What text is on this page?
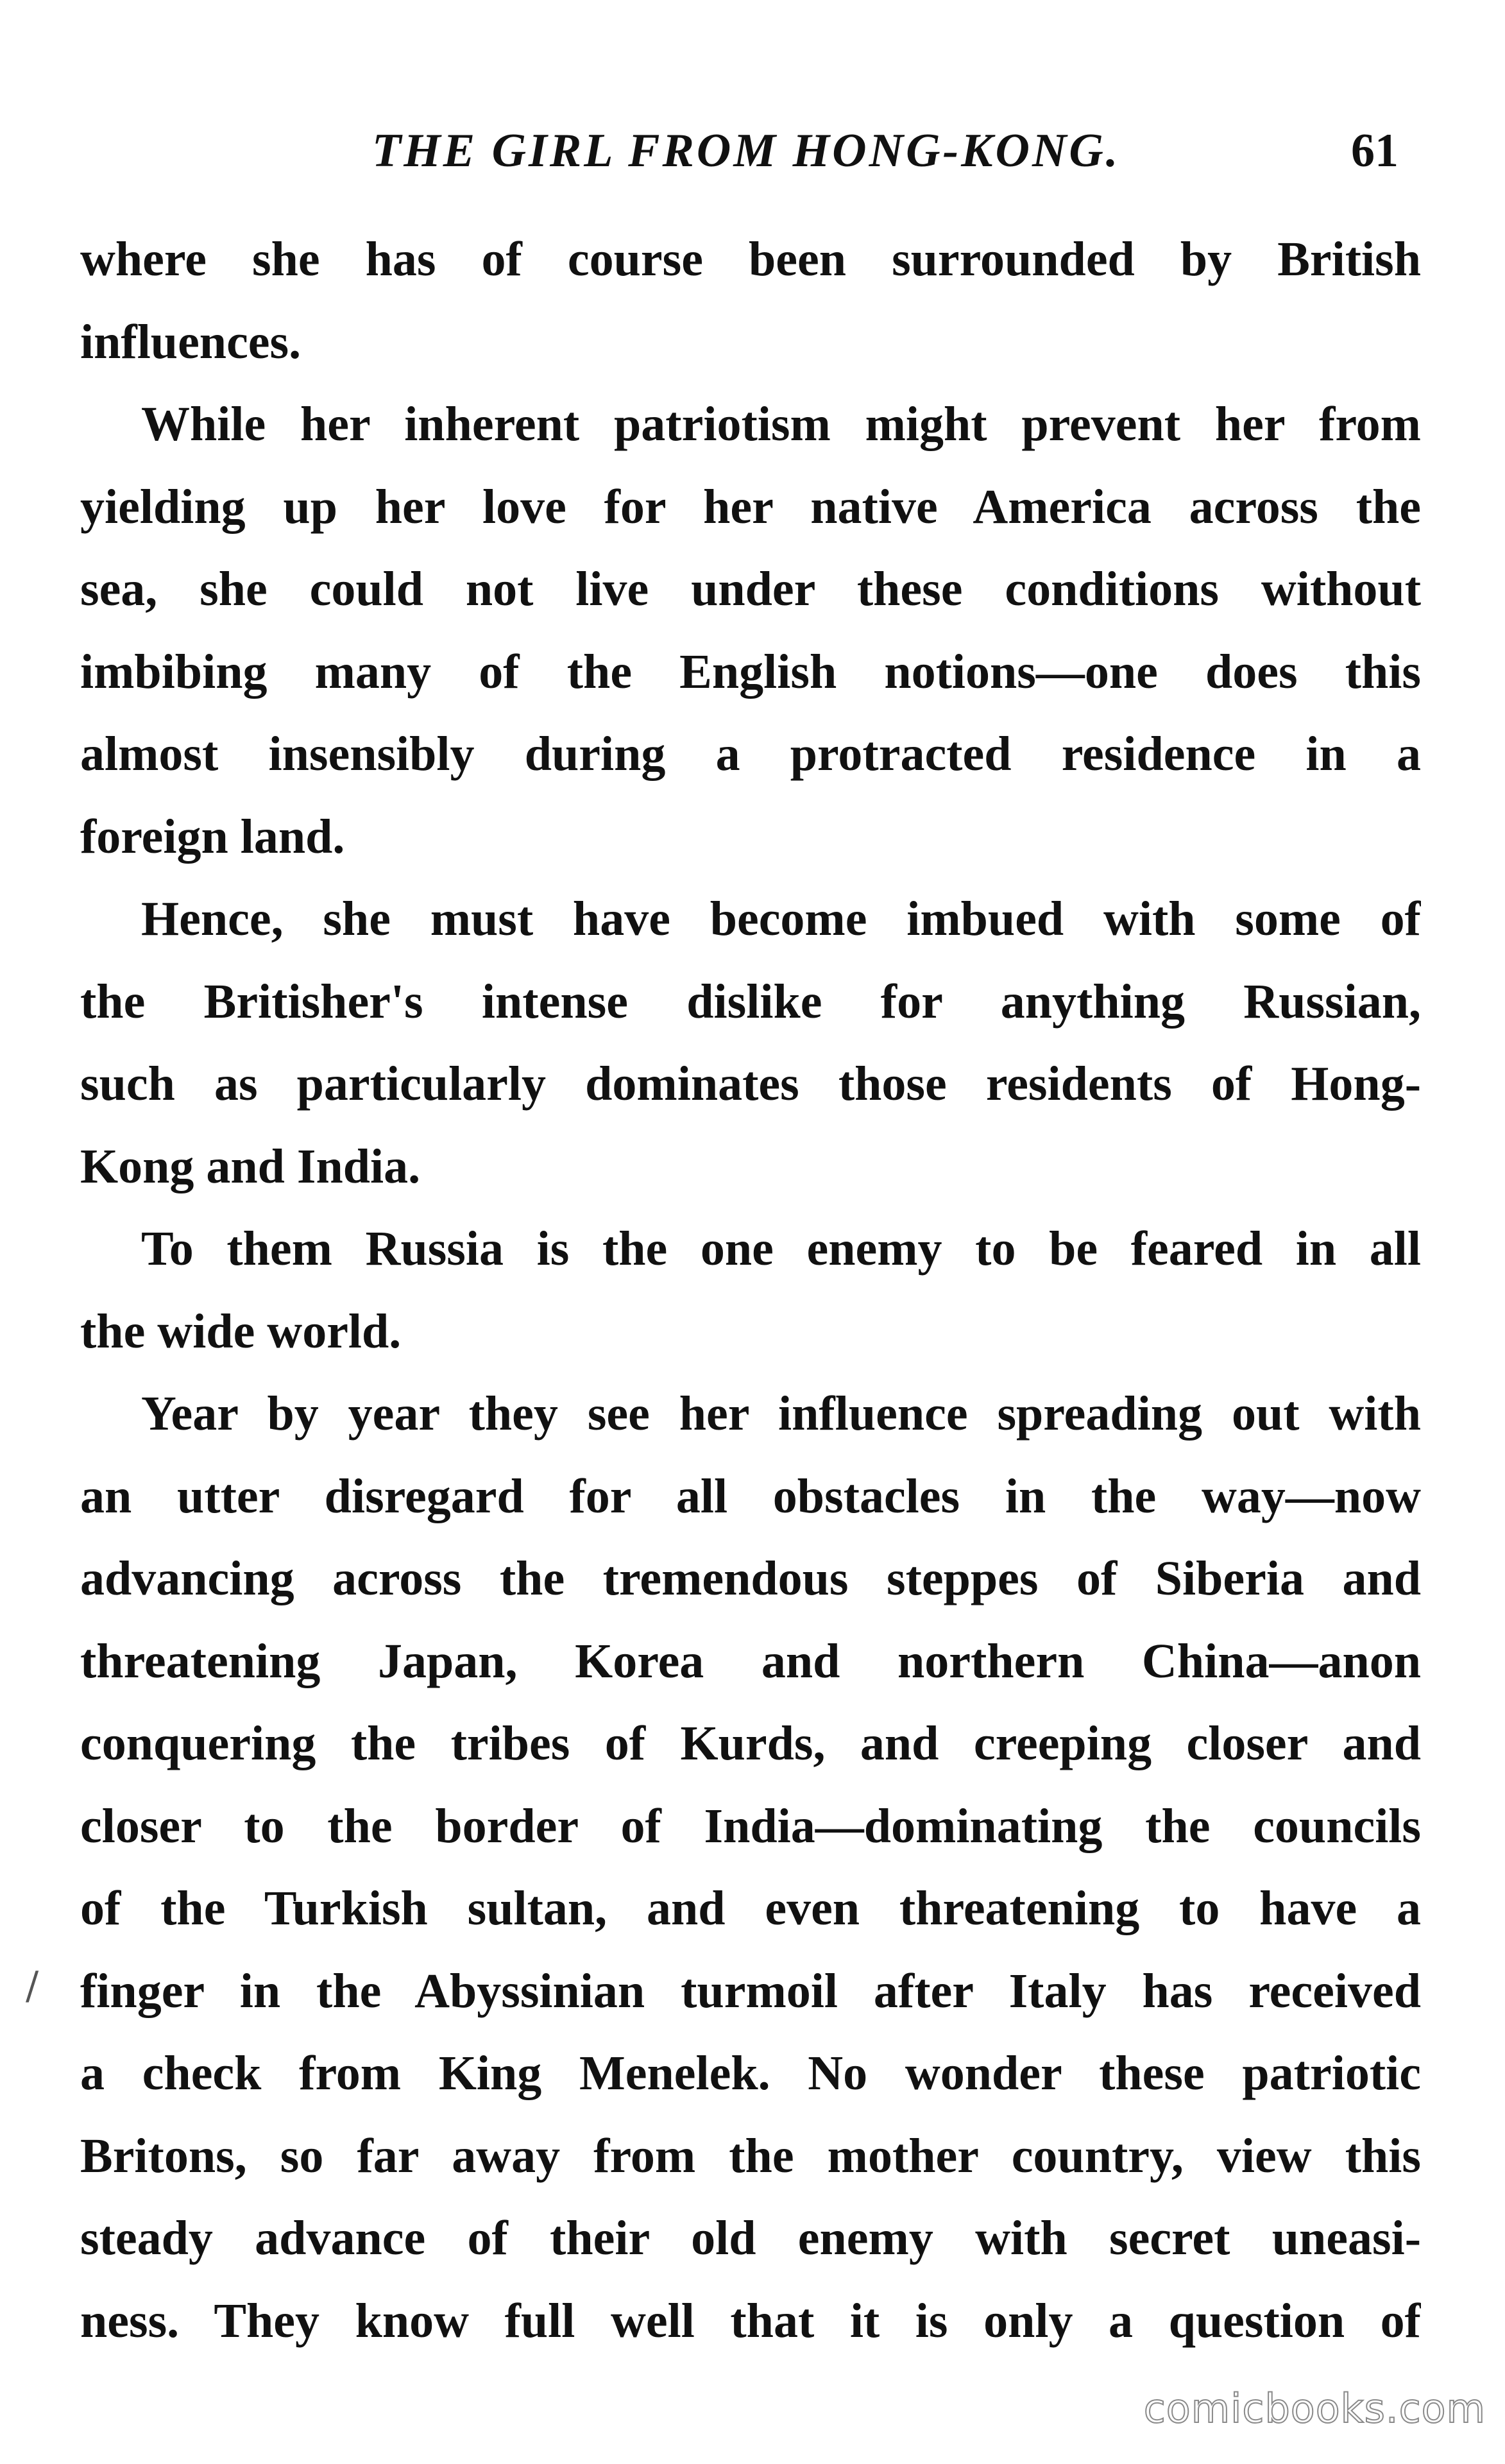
THE GIRL FROM HONG-KONG.	61
where she has of course been surrounded by British
influences.
While her inherent patriotism might prevent her from
yielding up her love for her native America across the
sea, she could not live under these conditions without
imbibing many of the English notions—one does this
almost insensibly during a protracted residence in a
foreign land.
Hence, she must have become imbued with some of
the Britisher's intense dislike for anything Russian,
such as particularly dominates those residents of Hong-
Kong and India.
To them Russia is the one enemy to be feared in all
the wide world.
Year by year they see her influence spreading out with
an utter disregard for all obstacles in the way—now
advancing across the tremendous steppes of Siberia and
threatening Japan, Korea and northern China—anon
conquering the tribes of Kurds, and creeping closer and
closer to the border of India—dominating the councils
of the Turkish sultan, and even threatening to have a
finger in the Abyssinian turmoil after Italy has received
a check from King Menelek. No wonder these patriotic
Britons, so far away from the mother country, view this
steady advance of their old enemy with secret uneasi-
ness. They know full well that it is only a question of
/
comicbooks.com
